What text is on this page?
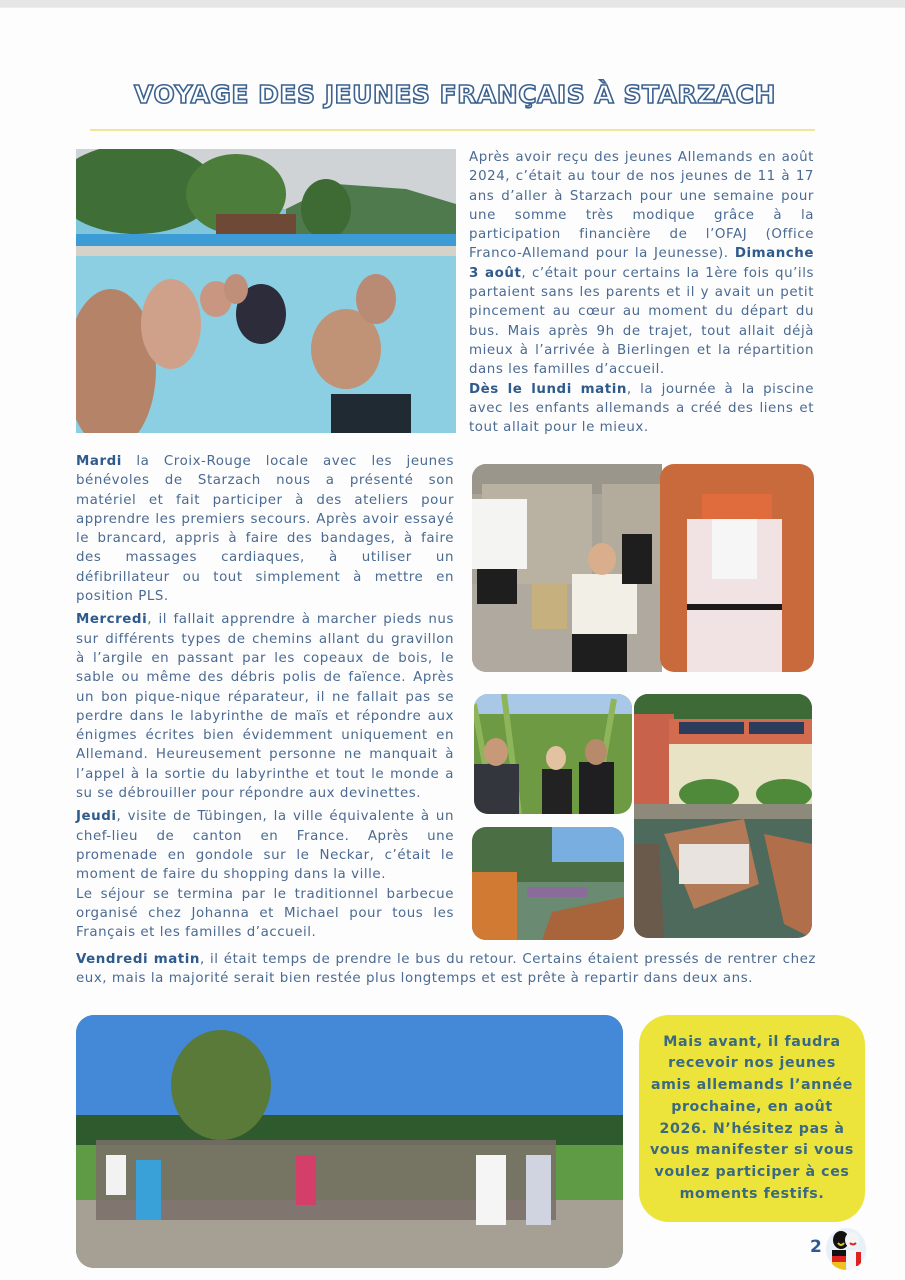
VOYAGE DES JEUNES FRANÇAIS À STARZACH

Après avoir reçu des jeunes Allemands en août 2024, c’était au tour de nos jeunes de 11 à 17 ans d’aller à Starzach pour une semaine pour une somme très modique grâce à la participation financière de l’OFAJ (Office Franco-Allemand pour la Jeunesse). Dimanche 3 août, c’était pour certains la 1ère fois qu’ils partaient sans les parents et il y avait un petit pincement au cœur au moment du départ du bus. Mais après 9h de trajet, tout allait déjà mieux à l’arrivée à Bierlingen et la répartition dans les familles d’accueil.

Dès le lundi matin, la journée à la piscine avec les enfants allemands a créé des liens et tout allait pour le mieux.

Mardi la Croix-Rouge locale avec les jeunes bénévoles de Starzach nous a présenté son matériel et fait participer à des ateliers pour apprendre les premiers secours. Après avoir essayé le brancard, appris à faire des bandages, à faire des massages cardiaques, à utiliser un défibrillateur ou tout simplement à mettre en position PLS.

Mercredi, il fallait apprendre à marcher pieds nus sur différents types de chemins allant du gravillon à l’argile en passant par les copeaux de bois, le sable ou même des débris polis de faïence. Après un bon pique-nique réparateur, il ne fallait pas se perdre dans le labyrinthe de maïs et répondre aux énigmes écrites bien évidemment uniquement en Allemand. Heureusement personne ne manquait à l’appel à la sortie du labyrinthe et tout le monde a su se débrouiller pour répondre aux devinettes.

Jeudi, visite de Tübingen, la ville équivalente à un chef-lieu de canton en France. Après une promenade en gondole sur le Neckar, c’était le moment de faire du shopping dans la ville.

Le séjour se termina par le traditionnel barbecue organisé chez Johanna et Michael pour tous les Français et les familles d’accueil.

Vendredi matin, il était temps de prendre le bus du retour. Certains étaient pressés de rentrer chez eux, mais la majorité serait bien restée plus longtemps et est prête à repartir dans deux ans.

Mais avant, il faudra recevoir nos jeunes amis allemands l’année prochaine, en août 2026. N’hésitez pas à vous manifester si vous voulez participer à ces moments festifs.

2
